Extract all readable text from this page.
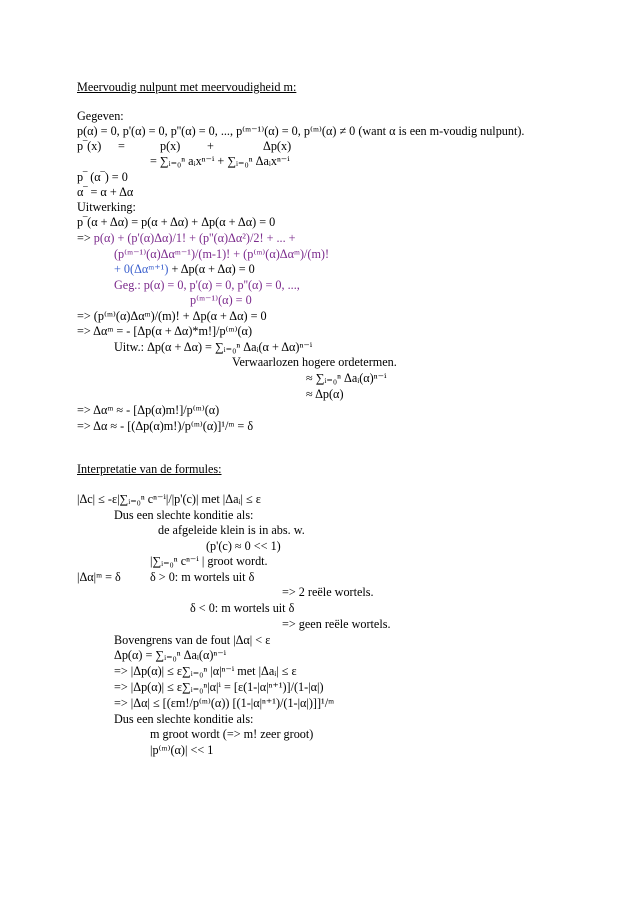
Meervoudig nulpunt met meervoudigheid m:
Gegeven:
p(α) = 0, p'(α) = 0, p''(α) = 0, ..., p⁽ᵐ⁻¹⁾(α) = 0, p⁽ᵐ⁾(α) ≠ 0 (want α is een m-voudig nulpunt).
p‾(x) =	p(x) +	Δp(x)
= ∑ᵢ₌₀ⁿ aᵢxⁿ⁻ⁱ + ∑ᵢ₌₀ⁿ Δaᵢxⁿ⁻ⁱ
p‾ (α‾) = 0
α‾ = α + Δα
Uitwerking:
p‾(α + Δα) = p(α + Δα) + Δp(α + Δα) = 0
=> p(α) + (p'(α)Δα)/1! + (p''(α)Δα²)/2! + ... +
(p⁽ᵐ⁻¹⁾(α)Δαᵐ⁻¹)/(m-1)! + (p⁽ᵐ⁾(α)Δαᵐ)/(m)!
+ 0(Δαᵐ⁺¹) + Δp(α + Δα) = 0
Geg.: p(α) = 0, p'(α) = 0, p''(α) = 0, ...,
p⁽ᵐ⁻¹⁾(α) = 0
=> (p⁽ᵐ⁾(α)Δαᵐ)/(m)! + Δp(α + Δα) = 0
=> Δαᵐ = - [Δp(α + Δα)*m!]/p⁽ᵐ⁾(α)
Uitw.: Δp(α + Δα) = ∑ᵢ₌₀ⁿ Δaᵢ(α + Δα)ⁿ⁻ⁱ
Verwaarlozen hogere ordetermen.
≈ ∑ᵢ₌₀ⁿ Δaᵢ(α)ⁿ⁻ⁱ
≈ Δp(α)
=> Δαᵐ ≈ - [Δp(α)m!]/p⁽ᵐ⁾(α)
=> Δα ≈ - [(Δp(α)m!)/p⁽ᵐ⁾(α)]¹/ᵐ = δ
Interpretatie van de formules:
|Δc| ≤ -ε|∑ᵢ₌₀ⁿ cⁿ⁻ⁱ|/|p'(c)| met |Δaᵢ| ≤ ε
Dus een slechte konditie als:
de afgeleide klein is in abs. w.
(p'(c) ≈ 0 << 1)
|∑ᵢ₌₀ⁿ cⁿ⁻ⁱ | groot wordt.
|Δα|ᵐ = δ δ > 0: m wortels uit δ
=> 2 reële wortels.
δ < 0: m wortels uit δ
=> geen reële wortels.
Bovengrens van de fout |Δα| < ε
Δp(α) = ∑ᵢ₌₀ⁿ Δaᵢ(α)ⁿ⁻ⁱ
=> |Δp(α)| ≤ ε∑ᵢ₌₀ⁿ |α|ⁿ⁻ⁱ met |Δaᵢ| ≤ ε
=> |Δp(α)| ≤ ε∑ᵢ₌₀ⁿ|α|ⁱ = [ε(1-|α|ⁿ⁺¹)]/(1-|α|)
=> |Δα| ≤ [(εm!/p⁽ᵐ⁾(α)) [(1-|α|ⁿ⁺¹)/(1-|α|)]]¹/ᵐ
Dus een slechte konditie als:
m groot wordt (=> m! zeer groot)
|p⁽ᵐ⁾(α)| << 1
